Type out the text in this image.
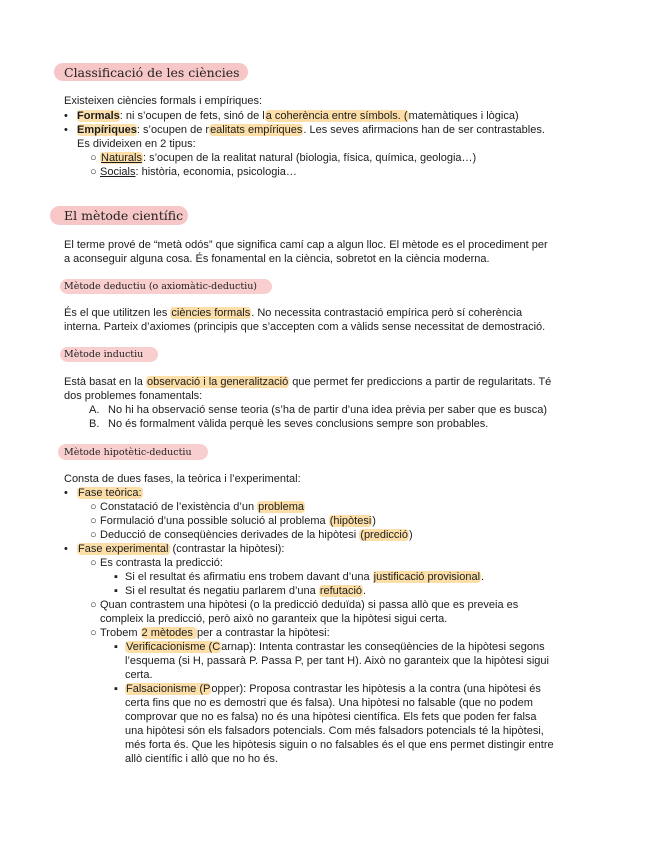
Classificació de les ciències
Existeixen ciències formals i empíriques:
• Formals: ni s’ocupen de fets, sinó de la coherència entre símbols. (matemàtiques i lògica)
• Empíriques: s’ocupen de realitats empíriques. Les seves afirmacions han de ser contrastables.
Es divideixen en 2 tipus:
○ Naturals: s’ocupen de la realitat natural (biologia, física, química, geologia…)
○ Socials: història, economia, psicologia…
El mètode científic
El terme prové de “metà odós” que significa camí cap a algun lloc. El mètode es el procediment per
a aconseguir alguna cosa. És fonamental en la ciència, sobretot en la ciència moderna.
Mètode deductiu (o axiomàtic-deductiu)
És el que utilitzen les ciències formals. No necessita contrastació empírica però sí coherència
interna. Parteix d’axiomes (principis que s’accepten com a vàlids sense necessitat de demostració.
Mètode inductiu
Està basat en la observació i la generalització que permet fer prediccions a partir de regularitats. Té
dos problemes fonamentals:
A. No hi ha observació sense teoria (s’ha de partir d’una idea prèvia per saber que es busca)
B. No és formalment vàlida perquè les seves conclusions sempre son probables.
Mètode hipotètic-deductiu
Consta de dues fases, la teòrica i l’experimental:
• Fase teòrica:
○ Constatació de l’existència d’un problema
○ Formulació d’una possible solució al problema (hipòtesi)
○ Deducció de conseqüències derivades de la hipòtesi (predicció)
• Fase experimental (contrastar la hipòtesi):
○ Es contrasta la predicció:
▪ Si el resultat és afirmatiu ens trobem davant d’una justificació provisional.
▪ Si el resultat és negatiu parlarem d’una refutació.
○ Quan contrastem una hipòtesi (o la predicció deduïda) si passa allò que es preveia es
compleix la predicció, però això no garanteix que la hipòtesi sigui certa.
○ Trobem 2 mètodes per a contrastar la hipòtesi:
▪ Verificacionisme (Carnap): Intenta contrastar les conseqüències de la hipòtesi segons
l’esquema (si H, passarà P. Passa P, per tant H). Això no garanteix que la hipòtesi sigui
certa.
▪ Falsacionisme (Popper): Proposa contrastar les hipòtesis a la contra (una hipòtesi és
certa fins que no es demostri que és falsa). Una hipòtesi no falsable (que no podem
comprovar que no es falsa) no és una hipòtesi científica. Els fets que poden fer falsa
una hipòtesi són els falsadors potencials. Com més falsadors potencials té la hipòtesi,
més forta és. Que les hipòtesis siguin o no falsables és el que ens permet distingir entre
allò científic i allò que no ho és.
